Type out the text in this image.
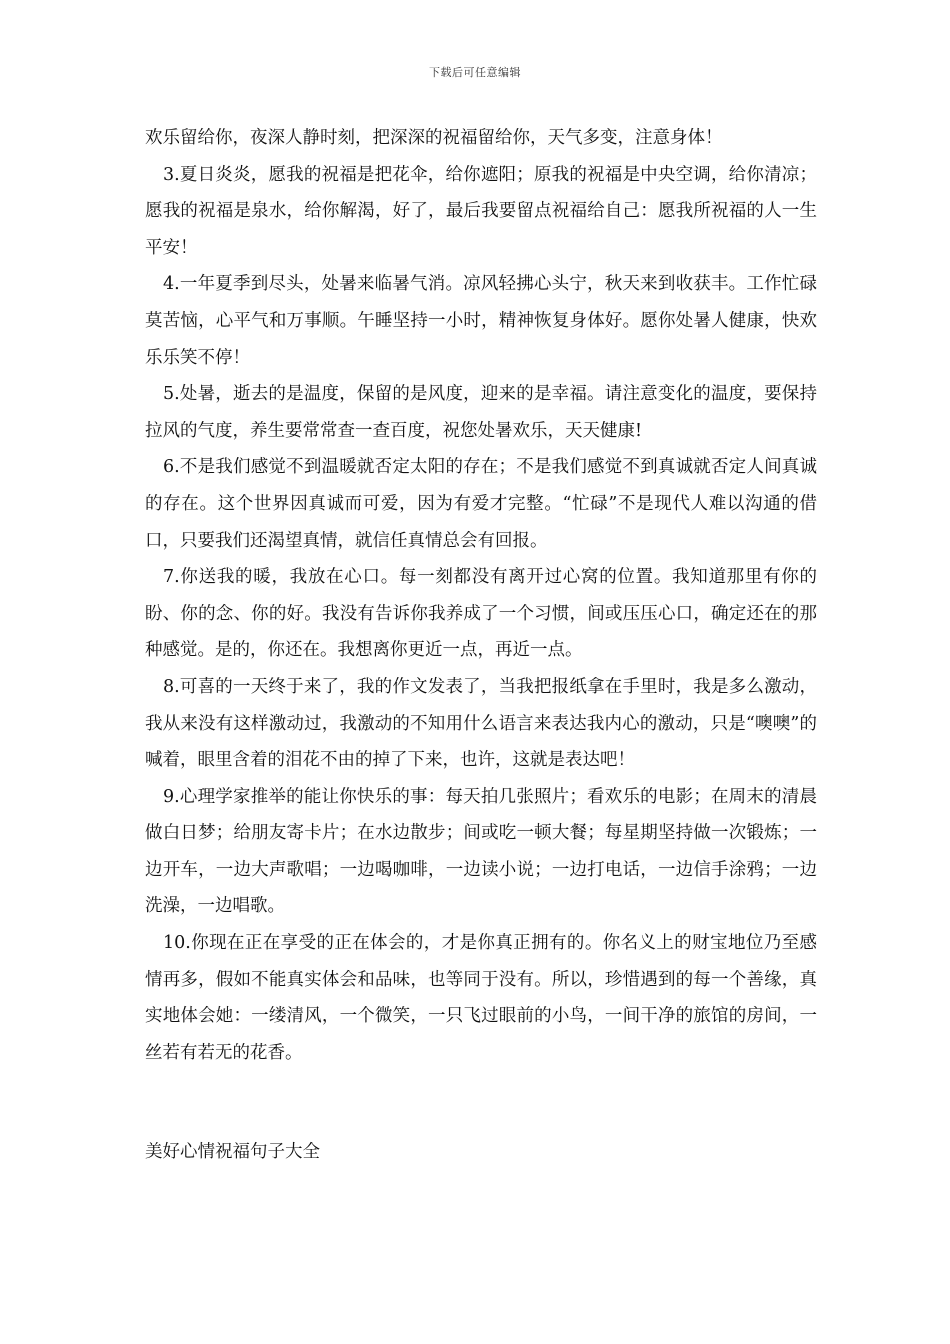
下载后可任意编辑

欢乐留给你，夜深人静时刻，把深深的祝福留给你，天气多变，注意身体！

3.夏日炎炎，愿我的祝福是把花伞，给你遮阳；原我的祝福是中央空调，给你清凉；愿我的祝福是泉水，给你解渴，好了，最后我要留点祝福给自己：愿我所祝福的人一生平安！

4.一年夏季到尽头，处暑来临暑气消。凉风轻拂心头宁，秋天来到收获丰。工作忙碌莫苦恼，心平气和万事顺。午睡坚持一小时，精神恢复身体好。愿你处暑人健康，快欢乐乐笑不停！

5.处暑，逝去的是温度，保留的是风度，迎来的是幸福。请注意变化的温度，要保持拉风的气度，养生要常常查一查百度，祝您处暑欢乐，天天健康!

6.不是我们感觉不到温暖就否定太阳的存在；不是我们感觉不到真诚就否定人间真诚的存在。这个世界因真诚而可爱，因为有爱才完整。“忙碌”不是现代人难以沟通的借口，只要我们还渴望真情，就信任真情总会有回报。

7.你送我的暖，我放在心口。每一刻都没有离开过心窝的位置。我知道那里有你的盼、你的念、你的好。我没有告诉你我养成了一个习惯，间或压压心口，确定还在的那种感觉。是的，你还在。我想离你更近一点，再近一点。

8.可喜的一天终于来了，我的作文发表了，当我把报纸拿在手里时，我是多么激动，我从来没有这样激动过，我激动的不知用什么语言来表达我内心的激动，只是“噢噢”的喊着，眼里含着的泪花不由的掉了下来，也许，这就是表达吧！

9.心理学家推举的能让你快乐的事：每天拍几张照片；看欢乐的电影；在周末的清晨做白日梦；给朋友寄卡片；在水边散步；间或吃一顿大餐；每星期坚持做一次锻炼；一边开车，一边大声歌唱；一边喝咖啡，一边读小说；一边打电话，一边信手涂鸦；一边洗澡，一边唱歌。

10.你现在正在享受的正在体会的，才是你真正拥有的。你名义上的财宝地位乃至感情再多，假如不能真实体会和品味，也等同于没有。所以，珍惜遇到的每一个善缘，真实地体会她：一缕清风，一个微笑，一只飞过眼前的小鸟，一间干净的旅馆的房间，一丝若有若无的花香。

美好心情祝福句子大全
